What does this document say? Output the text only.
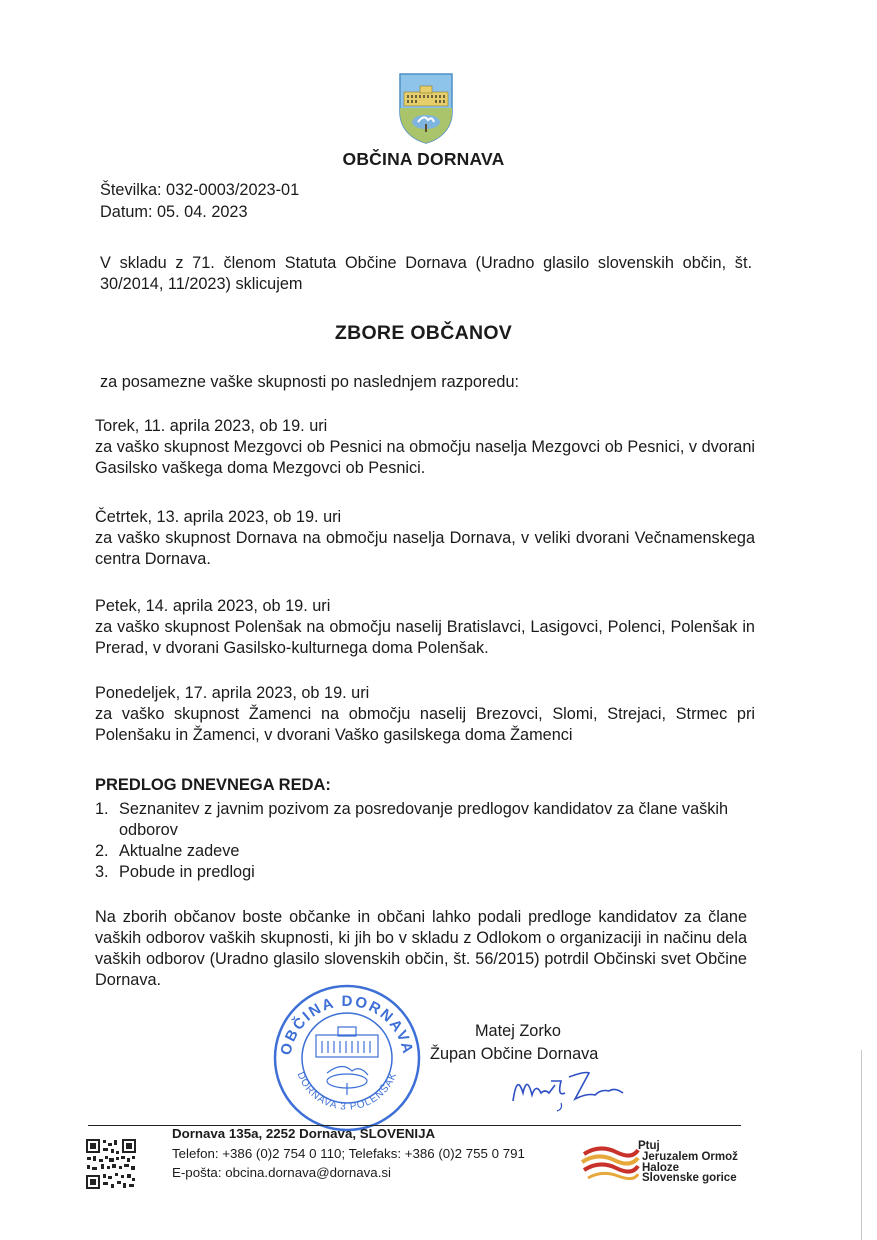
OBČINA DORNAVA
Številka: 032-0003/2023-01
Datum: 05. 04. 2023
V skladu z 71. členom Statuta Občine Dornava (Uradno glasilo slovenskih občin, št. 30/2014, 11/2023) sklicujem
ZBORE OBČANOV
za posamezne vaške skupnosti po naslednjem razporedu:
Torek, 11. aprila 2023, ob 19. uri
za vaško skupnost Mezgovci ob Pesnici na območju naselja Mezgovci ob Pesnici, v dvorani Gasilsko vaškega doma Mezgovci ob Pesnici.
Četrtek, 13. aprila 2023, ob 19. uri
za vaško skupnost Dornava na območju naselja Dornava, v veliki dvorani Večnamenskega centra Dornava.
Petek, 14. aprila 2023, ob 19. uri
za vaško skupnost Polenšak na območju naselij Bratislavci, Lasigovci, Polenci, Polenšak in Prerad, v dvorani Gasilsko-kulturnega doma Polenšak.
Ponedeljek, 17. aprila 2023, ob 19. uri
za vaško skupnost Žamenci na območju naselij Brezovci, Slomi, Strejaci, Strmec pri Polenšaku in Žamenci, v dvorani Vaško gasilskega doma Žamenci
PREDLOG DNEVNEGA REDA:
1. Seznanitev z javnim pozivom za posredovanje predlogov kandidatov za člane vaških odborov
2. Aktualne zadeve
3. Pobude in predlogi
Na zborih občanov boste občanke in občani lahko podali predloge kandidatov za člane vaških odborov vaških skupnosti, ki jih bo v skladu z Odlokom o organizaciji in načinu dela vaških odborov (Uradno glasilo slovenskih občin, št. 56/2015) potrdil Občinski svet Občine Dornava.
OBČINA DORNAVA
DORNAVA 3 POLENŠAK
Matej Zorko
Župan Občine Dornava
Dornava 135a, 2252 Dornava, SLOVENIJA
Telefon: +386 (0)2 754 0 110; Telefaks: +386 (0)2 755 0 791
E-pošta: obcina.dornava@dornava.si
Ptuj
Jeruzalem Ormož
Haloze
Slovenske gorice
